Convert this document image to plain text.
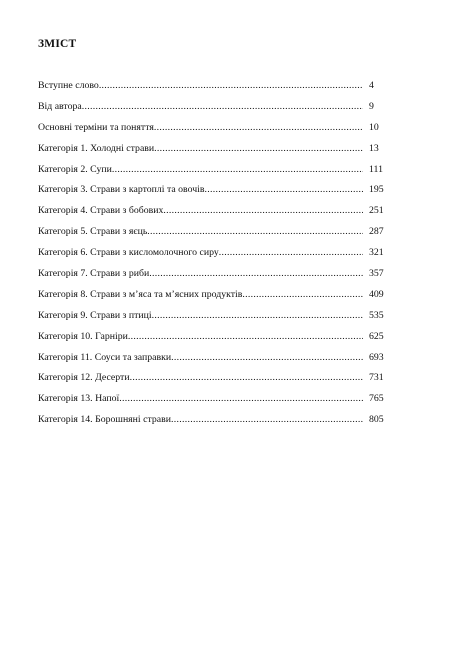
ЗМІСТ
Вступне слово .....	4
Від автора .....	9
Основні терміни та поняття .....	10
Категорія 1. Холодні страви .....	13
Категорія 2. Супи .....	111
Категорія 3. Страви з картоплі та овочів .....	195
Категорія 4. Страви з бобових .....	251
Категорія 5. Страви з яєць .....	287
Категорія 6. Страви з кисломолочного сиру .....	321
Категорія 7. Страви з риби .....	357
Категорія 8. Страви з м’яса та м’ясних продуктів .....	409
Категорія 9. Страви з птиці .....	535
Категорія 10. Гарніри .....	625
Категорія 11. Соуси та заправки .....	693
Категорія 12. Десерти .....	731
Категорія 13. Напої .....	765
Категорія 14. Борошняні страви .....	805
